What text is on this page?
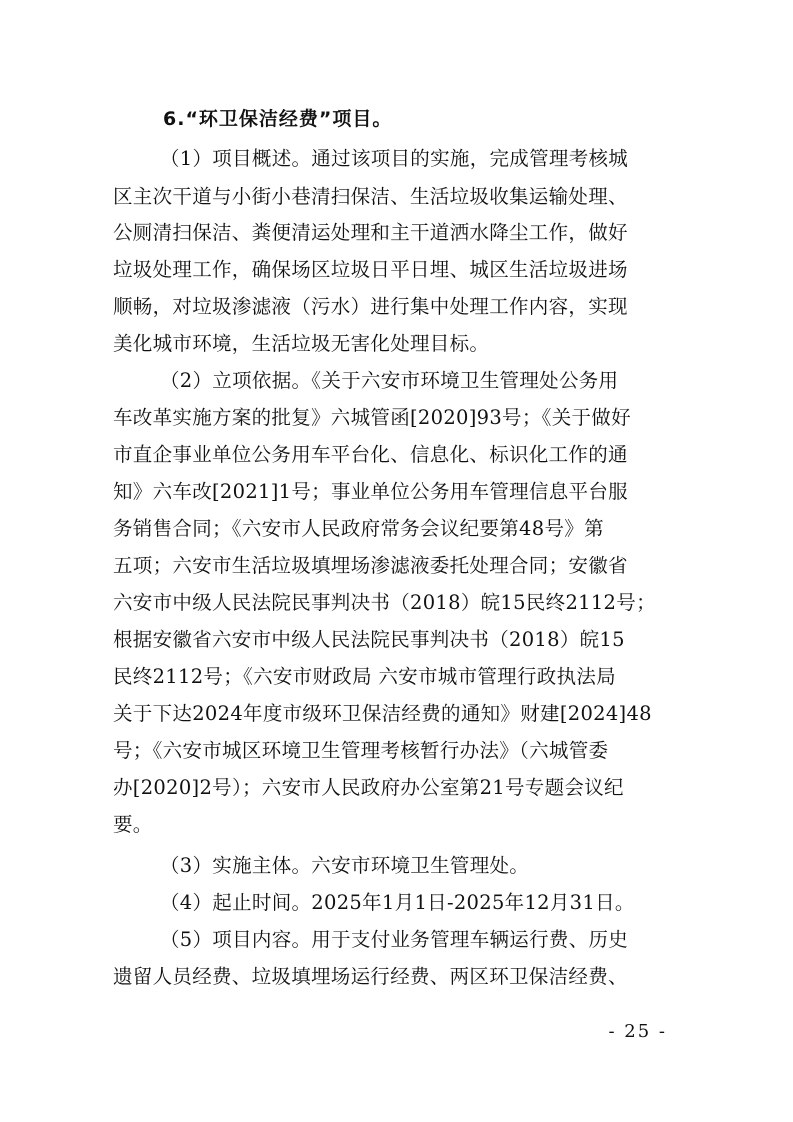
6.“环卫保洁经费”项目。
（1）项目概述。通过该项目的实施，完成管理考核城
区主次干道与小街小巷清扫保洁、生活垃圾收集运输处理、
公厕清扫保洁、粪便清运处理和主干道洒水降尘工作，做好
垃圾处理工作，确保场区垃圾日平日埋、城区生活垃圾进场
顺畅，对垃圾渗滤液（污水）进行集中处理工作内容，实现
美化城市环境，生活垃圾无害化处理目标。
（2）立项依据。《关于六安市环境卫生管理处公务用
车改革实施方案的批复》六城管函[2020]93号；《关于做好
市直企事业单位公务用车平台化、信息化、标识化工作的通
知》六车改[2021]1号；事业单位公务用车管理信息平台服
务销售合同；《六安市人民政府常务会议纪要第48号》第
五项；六安市生活垃圾填埋场渗滤液委托处理合同；安徽省
六安市中级人民法院民事判决书（2018）皖15民终2112号；
根据安徽省六安市中级人民法院民事判决书（2018）皖15
民终2112号；《六安市财政局 六安市城市管理行政执法局
关于下达2024年度市级环卫保洁经费的通知》财建[2024]48
号；《六安市城区环境卫生管理考核暂行办法》（六城管委
办[2020]2号）；六安市人民政府办公室第21号专题会议纪
要。
（3）实施主体。六安市环境卫生管理处。
（4）起止时间。2025年1月1日-2025年12月31日。
（5）项目内容。用于支付业务管理车辆运行费、历史
遗留人员经费、垃圾填埋场运行经费、两区环卫保洁经费、
- 25 -
